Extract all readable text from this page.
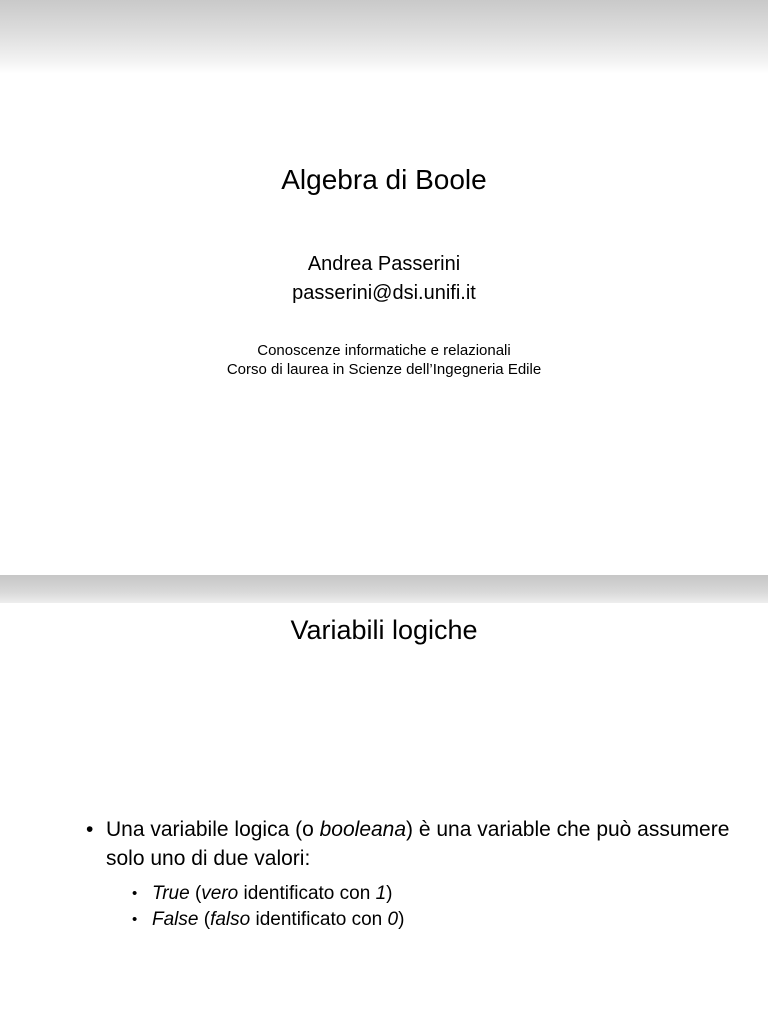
Algebra di Boole
Andrea Passerini
passerini@dsi.unifi.it
Conoscenze informatiche e relazionali
Corso di laurea in Scienze dell’Ingegneria Edile
Variabili logiche
• Una variabile logica (o booleana) è una variable che può assumere solo uno di due valori:
• True (vero identificato con 1)
• False (falso identificato con 0)
